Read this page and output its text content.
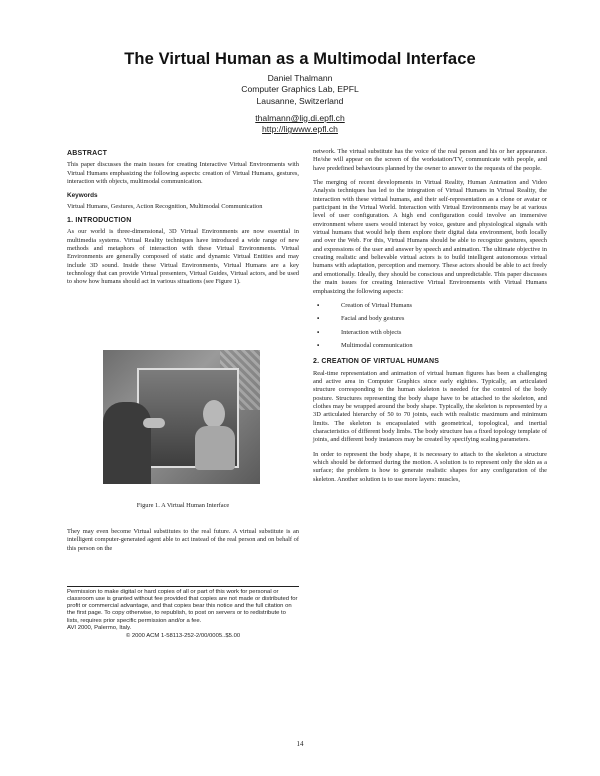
The Virtual Human as a Multimodal Interface
Daniel Thalmann
Computer Graphics Lab, EPFL
Lausanne, Switzerland
thalmann@lig.di.epfl.ch
http://ligwww.epfl.ch
ABSTRACT

This paper discusses the main issues for creating Interactive Virtual Environments with Virtual Humans emphasizing the following aspects: creation of Virtual Humans, gestures, interaction with objects, multimodal communication.

Keywords

Virtual Humans, Gestures, Action Recognition, Multimodal Communication

1. INTRODUCTION

As our world is three-dimensional, 3D Virtual Environments are now essential in multimedia systems. Virtual Reality techniques have introduced a wide range of new methods and metaphors of interaction with these Virtual Environments. Virtual Environments are generally composed of static and dynamic Virtual Entities and may include 3D sound. Inside these Virtual Environments, Virtual Humans are a key technology that can provide Virtual presenters, Virtual Guides, Virtual actors, and be used to show how humans should act in various situations (see Figure 1).

Figure 1. A Virtual Human Interface
They may even become Virtual substitutes to the real future. A virtual substitute is an intelligent computer-generated agent able to act instead of the real person and on behalf of this person on the
Permission to make digital or hard copies of all or part of this work for personal or classroom use is granted without fee provided that copies are not made or distributed for profit or commercial advantage, and that copies bear this notice and the full citation on the first page. To copy otherwise, to republish, to post on servers or to redistribute to lists, requires prior specific permission and/or a fee.
AVI 2000, Palermo, Italy.
© 2000 ACM 1-58113-252-2/00/0005..$5.00

network. The virtual substitute has the voice of the real person and his or her appearance. He/she will appear on the screen of the workstation/TV, communicate with people, and have predefined behaviours planned by the owner to answer to the requests of the people.

The merging of recent developments in Virtual Reality, Human Animation and Video Analysis techniques has led to the integration of Virtual Humans in Virtual Reality, the interaction with these virtual humans, and their self-representation as a clone or avatar or participant in the Virtual World. Interaction with Virtual Environments may be at various level of user configuration. A high end configuration could involve an immersive environment where users would interact by voice, gesture and physiological signals with virtual humans that would help them explore their digital data environment, both locally and over the Web. For this, Virtual Humans should be able to recognize gestures, speech and expressions of the user and answer by speech and animation. The ultimate objective in creating realistic and believable virtual actors is to build intelligent autonomous virtual humans with adaptation, perception and memory. These actors should be able to act freely and emotionally. Ideally, they should be conscious and unpredictable. This paper discusses the main issues for creating Interactive Virtual Environments with Virtual Humans emphasizing the following aspects:

▪	Creation of Virtual Humans
▪	Facial and body gestures
▪	Interaction with objects
▪	Multimodal communication
2. CREATION OF VIRTUAL HUMANS

Real-time representation and animation of virtual human figures has been a challenging and active area in Computer Graphics since early eighties. Typically, an articulated structure corresponding to the human skeleton is needed for the control of the body posture. Structures representing the body shape have to be attached to the skeleton, and clothes may be wrapped around the body shape. Typically, the skeleton is represented by a 3D articulated hierarchy of 50 to 70 joints, each with realistic maximum and minimum limits. The skeleton is encapsulated with geometrical, topological, and inertial characteristics of different body limbs. The body structure has a fixed topology template of joints, and different body instances may be created by specifying scaling parameters.

In order to represent the body shape, it is necessary to attach to the skeleton a structure which should be deformed during the motion. A solution is to represent only the skin as a surface; the problem is how to generate realistic shapes for any configuration of the skeleton. Another solution is to use more layers: muscles,

14
